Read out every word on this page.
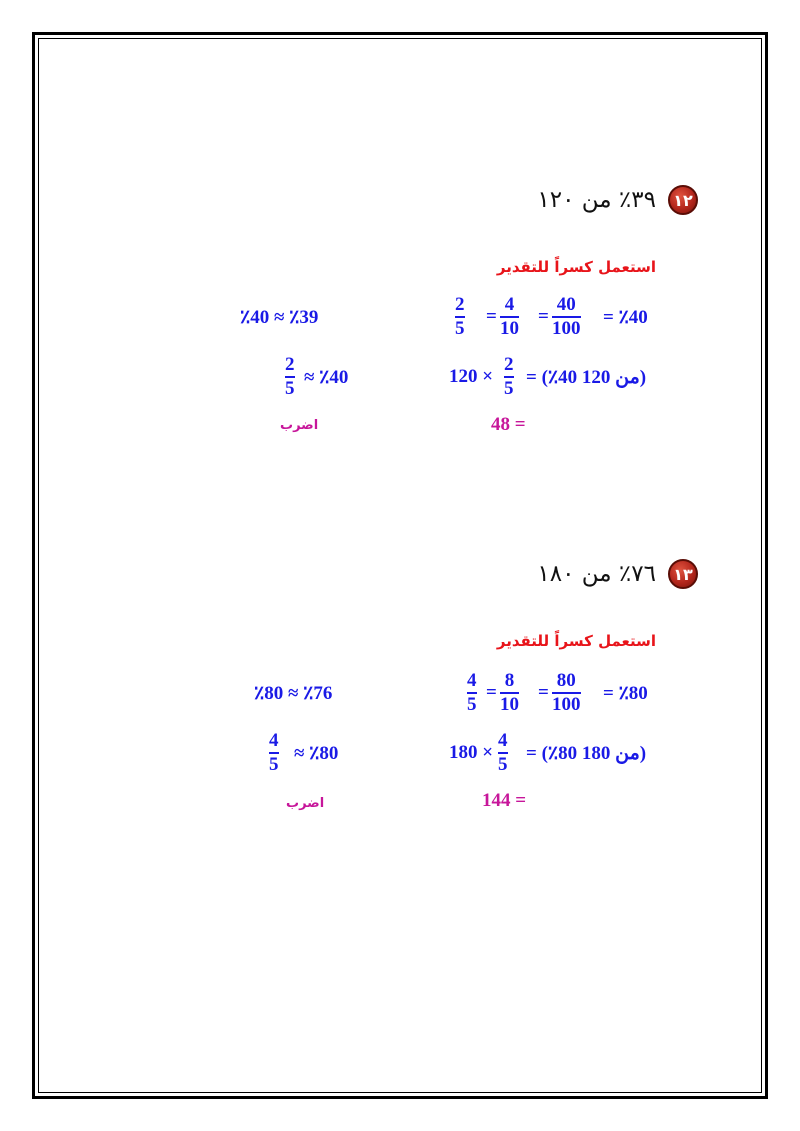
١٢
٣٩٪ من ١٢٠
استعمل كسراً للتقدير
٪40 ≈ ٪39	$\frac{2}{5} = \frac{4}{10} = \frac{40}{100}$ = ٪40
$\frac{2}{5}$ ≈ ٪40	$120 \times \frac{2}{5}$ = (٪40 من 120)
اضرب	48 =
١٣
٧٦٪ من ١٨٠
استعمل كسراً للتقدير
٪80 ≈ ٪76	$\frac{4}{5} = \frac{8}{10} = \frac{80}{100}$ = ٪80
$\frac{4}{5}$ ≈ ٪80	$180 \times \frac{4}{5}$ = (٪80 من 180)
اضرب	144 =
